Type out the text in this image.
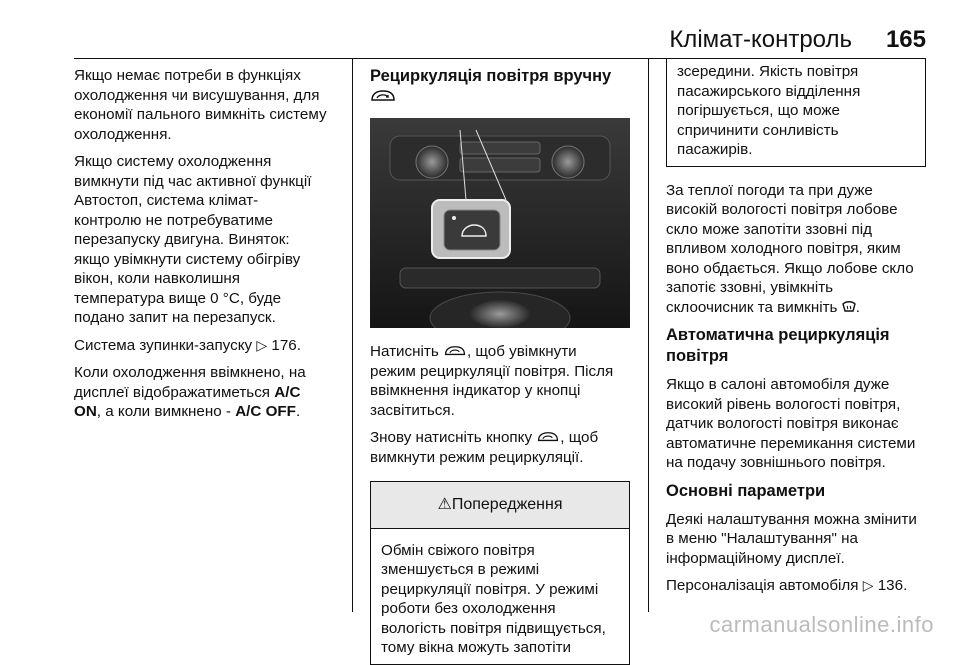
Клімат-контроль 165

Якщо немає потреби в функціях
охолодження чи висушування, для
економії пального вимкніть систему
охолодження.

Якщо систему охолодження
вимкнути під час активної функції
Автостоп, система клімат-
контролю не потребуватиме
перезапуску двигуна. Виняток:
якщо увімкнути систему обігріву
вікон, коли навколишня
температура вище 0 °C, буде
подано запит на перезапуск.

Система зупинки-запуску ▷ 176.

Коли охолодження ввімкнено, на
дисплеї відображатиметься A/C
ON, а коли вимкнено - A/C OFF.

Рециркуляція повітря вручну

Натисніть , щоб увімкнути
режим рециркуляції повітря. Після
ввімкнення індикатор у кнопці
засвітиться.

Знову натисніть кнопку , щоб
вимкнути режим рециркуляції.

⚠Попередження
Обмін свіжого повітря
зменшується в режимі
рециркуляції повітря. У режимі
роботи без охолодження
вологість повітря підвищується,
тому вікна можуть запотіти
зсередини. Якість повітря
пасажирського відділення
погіршується, що може
спричинити сонливість
пасажирів.

За теплої погоди та при дуже
високій вологості повітря лобове
скло може запотіти ззовні під
впливом холодного повітря, яким
воно обдається. Якщо лобове скло
запотіє ззовні, увімкніть
склоочисник та вимкніть .

Автоматична рециркуляція
повітря

Якщо в салоні автомобіля дуже
високий рівень вологості повітря,
датчик вологості повітря виконає
автоматичне перемикання системи
на подачу зовнішнього повітря.

Основні параметри

Деякі налаштування можна змінити
в меню "Налаштування" на
інформаційному дисплеї.

Персоналізація автомобіля ▷ 136.

carmanualsonline.info
